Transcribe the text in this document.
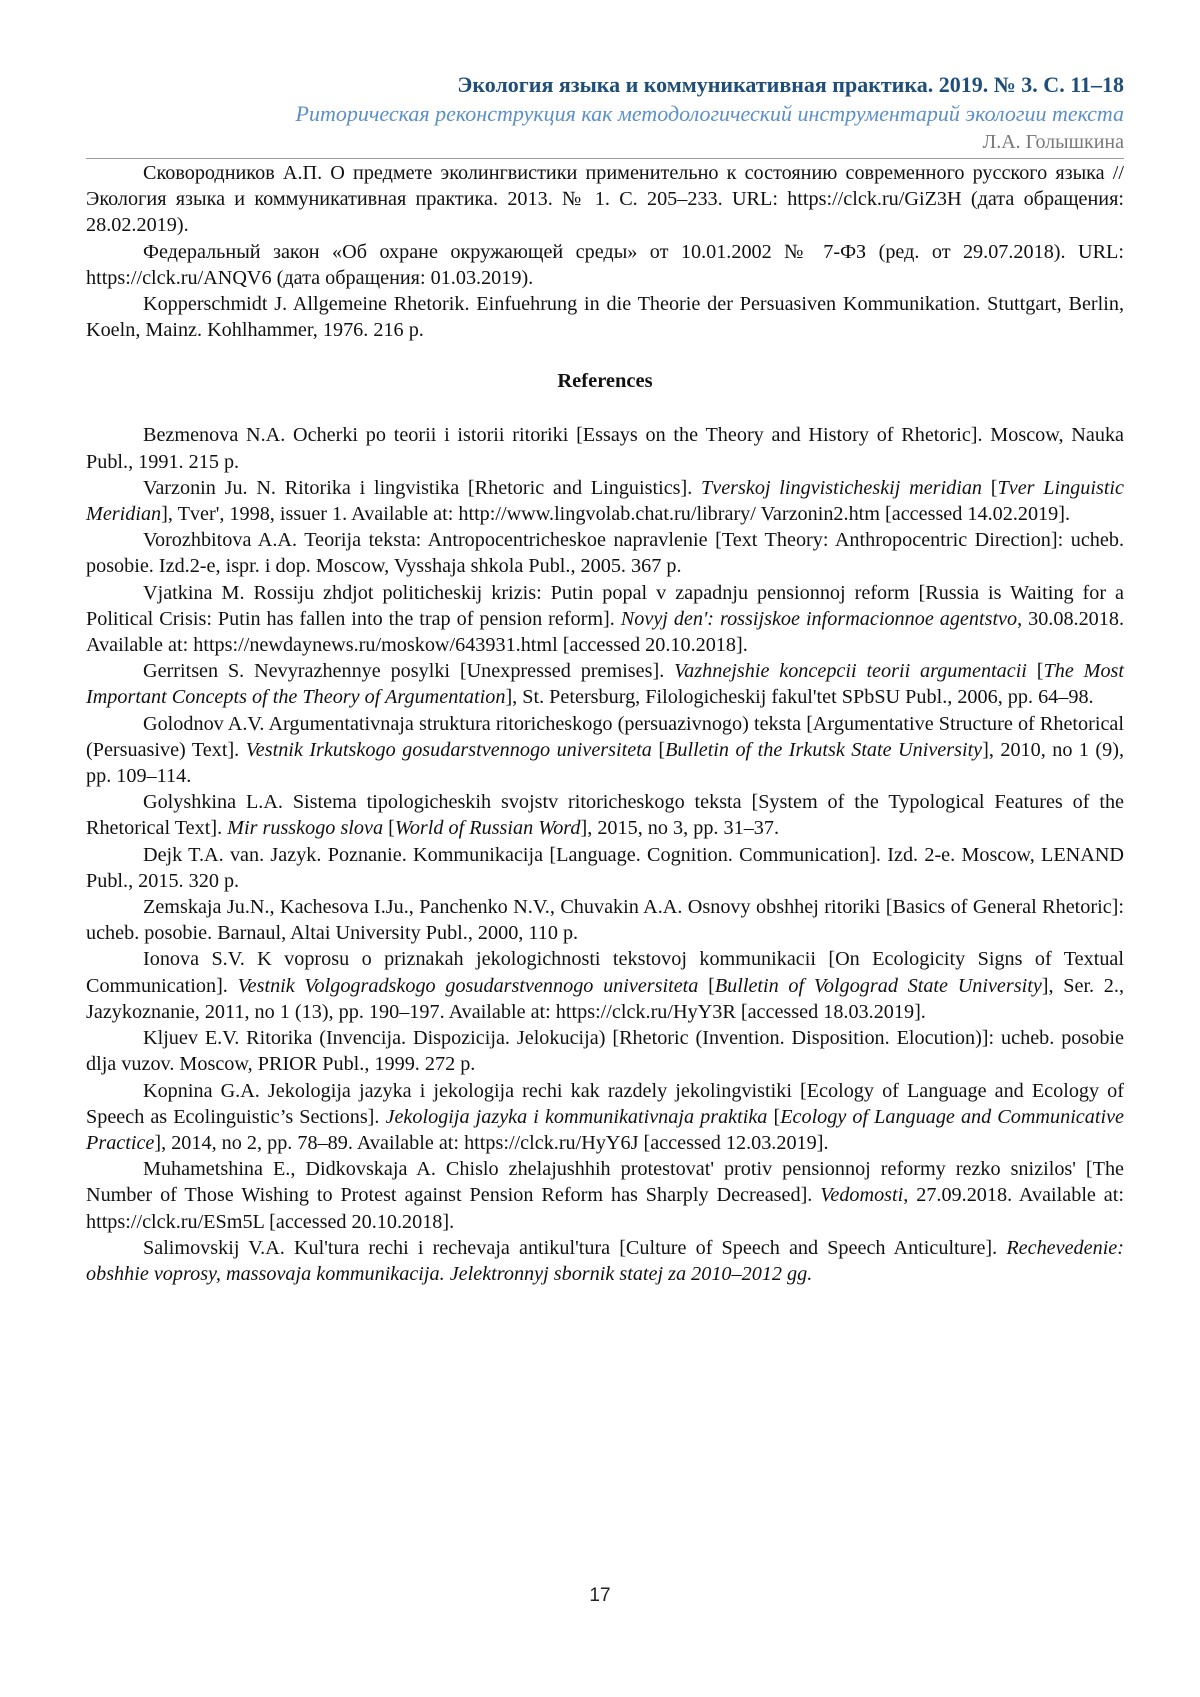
Экология языка и коммуникативная практика. 2019. № 3. С. 11–18
Риторическая реконструкция как методологический инструментарий экологии текста
Л.А. Голышкина

Сковородников А.П. О предмете эколингвистики применительно к состоянию современного русского языка // Экология языка и коммуникативная практика. 2013. № 1. С. 205–233. URL: https://clck.ru/GiZ3H (дата обращения: 28.02.2019).

Федеральный закон «Об охране окружающей среды» от 10.01.2002 № 7-ФЗ (ред. от 29.07.2018). URL: https://clck.ru/ANQV6 (дата обращения: 01.03.2019).

Kopperschmidt J. Allgemeine Rhetorik. Einfuehrung in die Theorie der Persuasiven Kommunikation. Stuttgart, Berlin, Koeln, Mainz. Kohlhammer, 1976. 216 p.

References

Bezmenova N.A. Ocherki po teorii i istorii ritoriki [Essays on the Theory and History of Rhetoric]. Moscow, Nauka Publ., 1991. 215 p.

Varzonin Ju. N. Ritorika i lingvistika [Rhetoric and Linguistics]. Tverskoj lingvisticheskij meridian [Tver Linguistic Meridian], Tver', 1998, issuer 1. Available at: http://www.lingvolab.chat.ru/library/ Varzonin2.htm [accessed 14.02.2019].

Vorozhbitova A.A. Teorija teksta: Antropocentricheskoe napravlenie [Text Theory: Anthropocentric Direction]: ucheb. posobie. Izd.2-e, ispr. i dop. Moscow, Vysshaja shkola Publ., 2005. 367 p.

Vjatkina M. Rossiju zhdjot politicheskij krizis: Putin popal v zapadnju pensionnoj reform [Russia is Waiting for a Political Crisis: Putin has fallen into the trap of pension reform]. Novyj den': rossijskoe informacionnoe agentstvo, 30.08.2018. Available at: https://newdaynews.ru/moskow/643931.html [accessed 20.10.2018].

Gerritsen S. Nevyrazhennye posylki [Unexpressed premises]. Vazhnejshie koncepcii teorii argumentacii [The Most Important Concepts of the Theory of Argumentation], St. Petersburg, Filologicheskij fakul'tet SPbSU Publ., 2006, pp. 64–98.

Golodnov A.V. Argumentativnaja struktura ritoricheskogo (persuazivnogo) teksta [Argumentative Structure of Rhetorical (Persuasive) Text]. Vestnik Irkutskogo gosudarstvennogo universiteta [Bulletin of the Irkutsk State University], 2010, no 1 (9), pp. 109–114.

Golyshkina L.A. Sistema tipologicheskih svojstv ritoricheskogo teksta [System of the Typological Features of the Rhetorical Text]. Mir russkogo slova [World of Russian Word], 2015, no 3, pp. 31–37.

Dejk T.A. van. Jazyk. Poznanie. Kommunikacija [Language. Cognition. Communication]. Izd. 2-e. Moscow, LENAND Publ., 2015. 320 p.

Zemskaja Ju.N., Kachesova I.Ju., Panchenko N.V., Chuvakin A.A. Osnovy obshhej ritoriki [Basics of General Rhetoric]: ucheb. posobie. Barnaul, Altai University Publ., 2000, 110 p.

Ionova S.V. K voprosu o priznakah jekologichnosti tekstovoj kommunikacii [On Ecologicity Signs of Textual Communication]. Vestnik Volgogradskogo gosudarstvennogo universiteta [Bulletin of Volgograd State University], Ser. 2., Jazykoznanie, 2011, no 1 (13), pp. 190–197. Available at: https://clck.ru/HyY3R [accessed 18.03.2019].

Kljuev E.V. Ritorika (Invencija. Dispozicija. Jelokucija) [Rhetoric (Invention. Disposition. Elocution)]: ucheb. posobie dlja vuzov. Moscow, PRIOR Publ., 1999. 272 p.

Kopnina G.A. Jekologija jazyka i jekologija rechi kak razdely jekolingvistiki [Ecology of Language and Ecology of Speech as Ecolinguistic’s Sections]. Jekologija jazyka i kommunikativnaja praktika [Ecology of Language and Communicative Practice], 2014, no 2, pp. 78–89. Available at: https://clck.ru/HyY6J [accessed 12.03.2019].

Muhametshina E., Didkovskaja A. Chislo zhelajushhih protestovat' protiv pensionnoj reformy rezko snizilos' [The Number of Those Wishing to Protest against Pension Reform has Sharply Decreased]. Vedomosti, 27.09.2018. Available at: https://clck.ru/ESm5L [accessed 20.10.2018].

Salimovskij V.A. Kul'tura rechi i rechevaja antikul'tura [Culture of Speech and Speech Anticulture]. Rechevedenie: obshhie voprosy, massovaja kommunikacija. Jelektronnyj sbornik statej za 2010–2012 gg.

17
